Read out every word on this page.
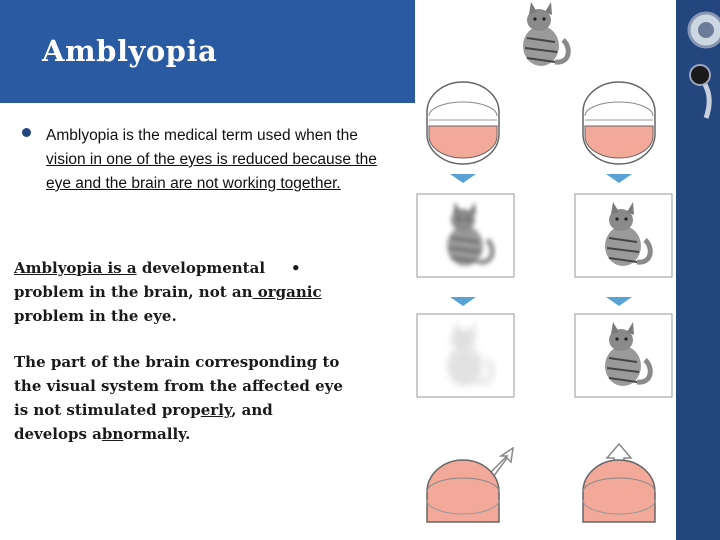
Amblyopia
Amblyopia is the medical term used when the vision in one of the eyes is reduced because the eye and the brain are not working together.
Amblyopia is a developmental • problem in the brain, not an organic problem in the eye.
The part of the brain corresponding to the visual system from the affected eye is not stimulated properly, and develops abnormally.
